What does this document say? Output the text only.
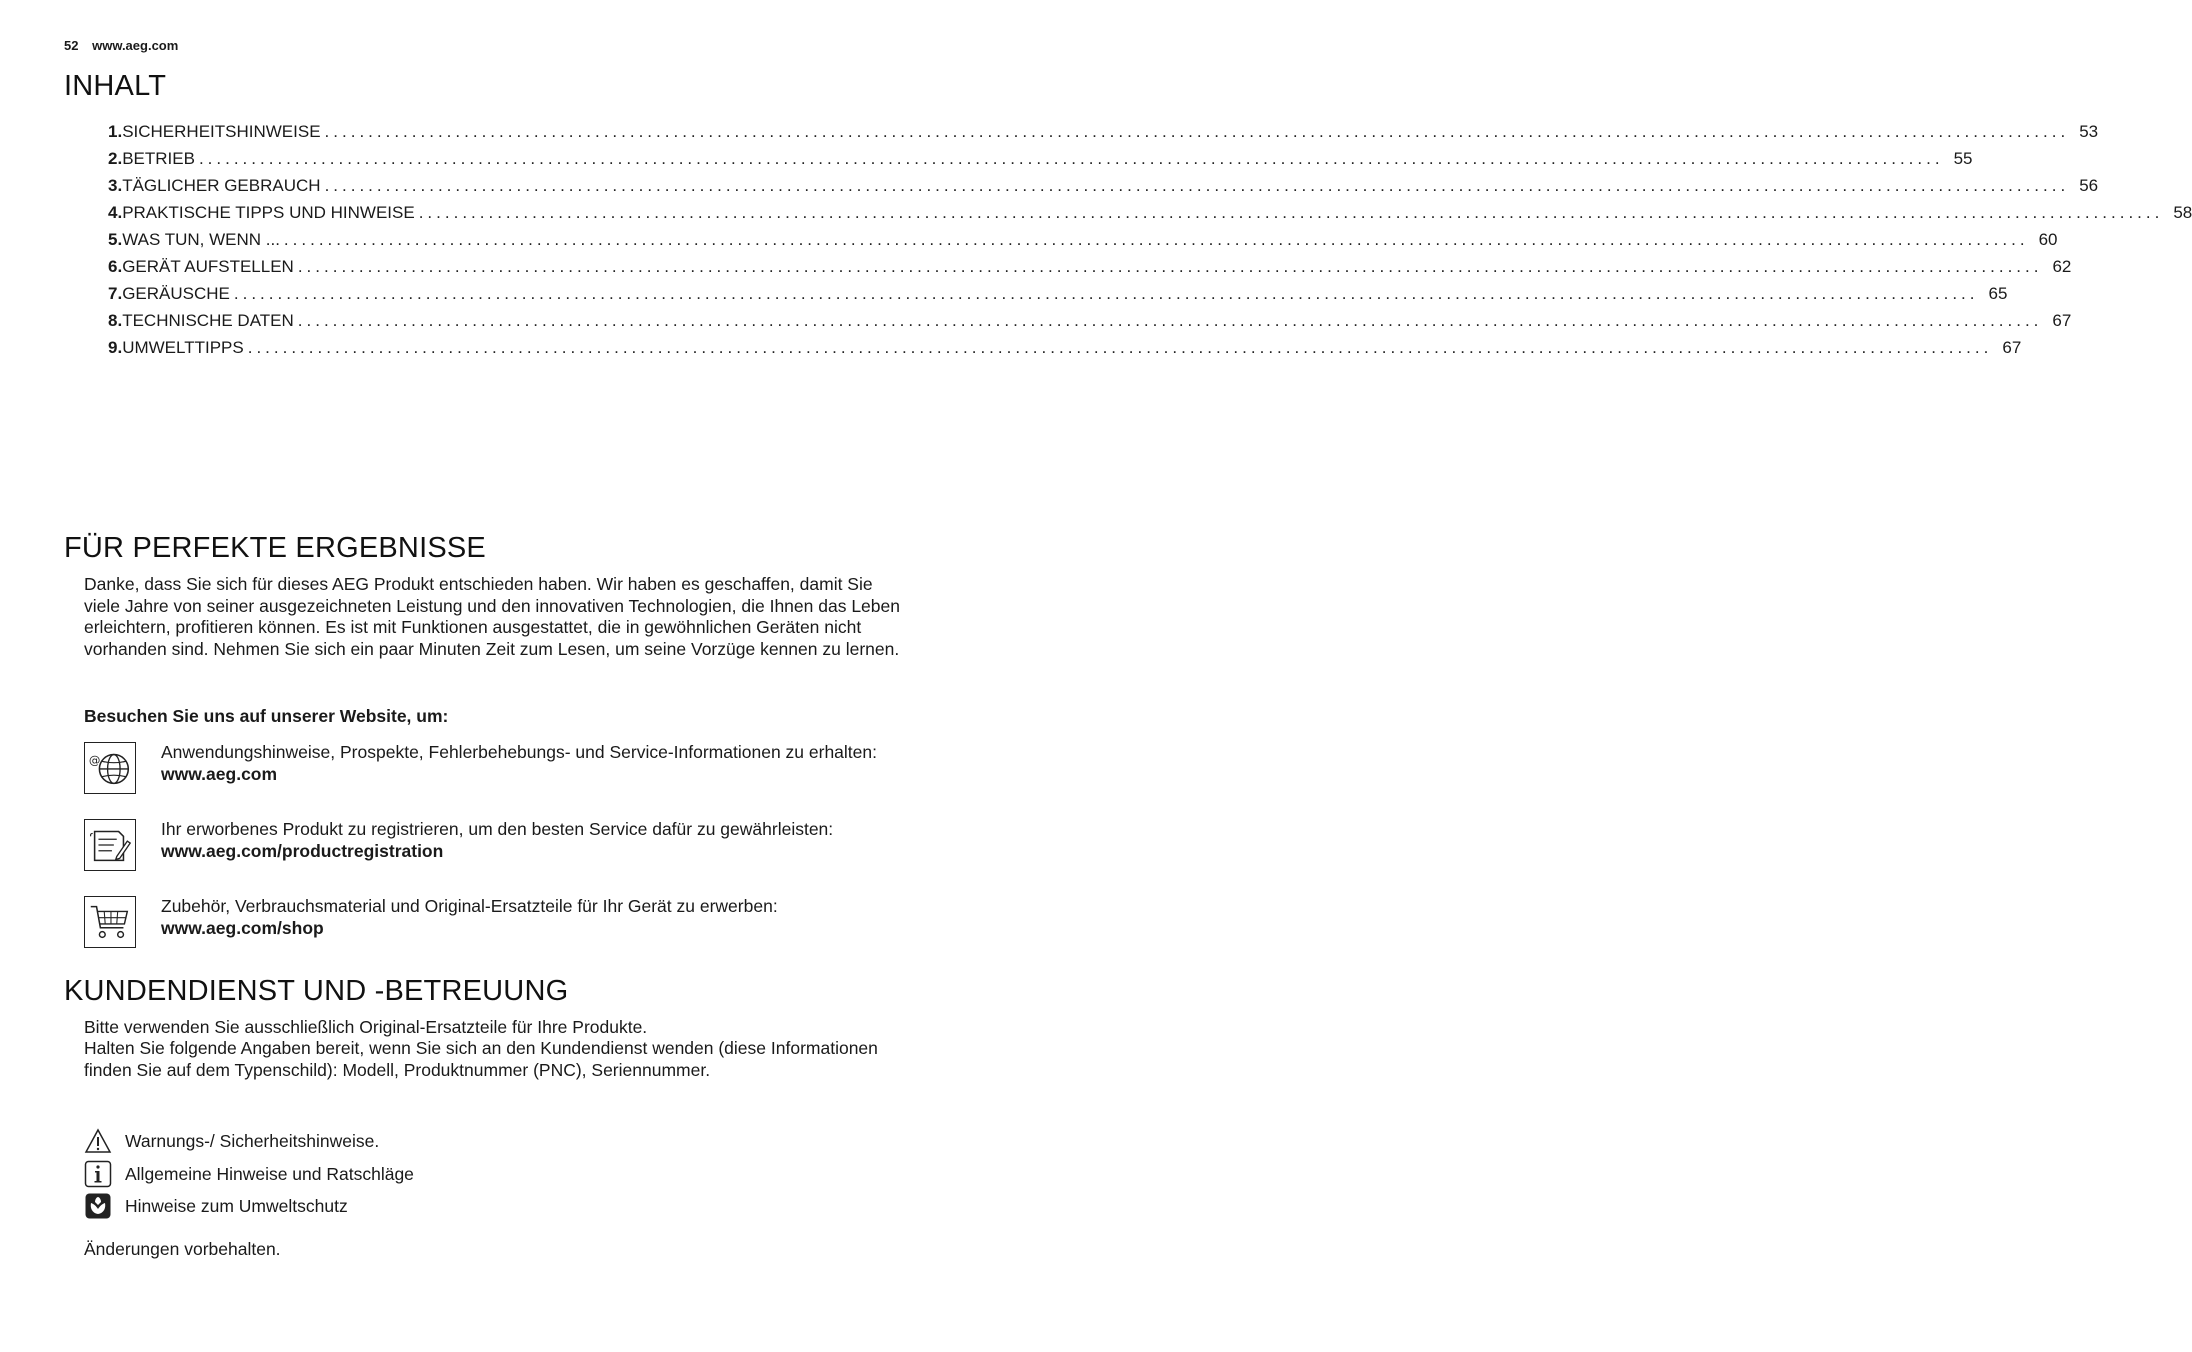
52 www.aeg.com
INHALT
1. SICHERHEITSHINWEISE ........................................................................................................................................................................................................ 53
2. BETRIEB ........................................................................................................................................................................................................ 55
3. TÄGLICHER GEBRAUCH ........................................................................................................................................................................................................ 56
4. PRAKTISCHE TIPPS UND HINWEISE ........................................................................................................................................................................................................ 58
5. WAS TUN, WENN ... ........................................................................................................................................................................................................ 60
6. GERÄT AUFSTELLEN ........................................................................................................................................................................................................ 62
7. GERÄUSCHE ........................................................................................................................................................................................................ 65
8. TECHNISCHE DATEN ........................................................................................................................................................................................................ 67
9. UMWELTTIPPS ........................................................................................................................................................................................................ 67
FÜR PERFEKTE ERGEBNISSE
Danke, dass Sie sich für dieses AEG Produkt entschieden haben. Wir haben es geschaffen, damit Sie viele Jahre von seiner ausgezeichneten Leistung und den innovativen Technologien, die Ihnen das Leben erleichtern, profitieren können. Es ist mit Funktionen ausgestattet, die in gewöhnlichen Geräten nicht vorhanden sind. Nehmen Sie sich ein paar Minuten Zeit zum Lesen, um seine Vorzüge kennen zu lernen.
Besuchen Sie uns auf unserer Website, um:
@	Anwendungshinweise, Prospekte, Fehlerbehebungs- und Service-Informationen zu erhalten:
www.aeg.com
Ihr erworbenes Produkt zu registrieren, um den besten Service dafür zu gewährleisten:
www.aeg.com/productregistration
Zubehör, Verbrauchsmaterial und Original-Ersatzteile für Ihr Gerät zu erwerben:
www.aeg.com/shop
KUNDENDIENST UND -BETREUUNG
Bitte verwenden Sie ausschließlich Original-Ersatzteile für Ihre Produkte.
Halten Sie folgende Angaben bereit, wenn Sie sich an den Kundendienst wenden (diese Informationen finden Sie auf dem Typenschild): Modell, Produktnummer (PNC), Seriennummer.
Warnungs-/ Sicherheitshinweise.
Allgemeine Hinweise und Ratschläge
Hinweise zum Umweltschutz
Änderungen vorbehalten.
